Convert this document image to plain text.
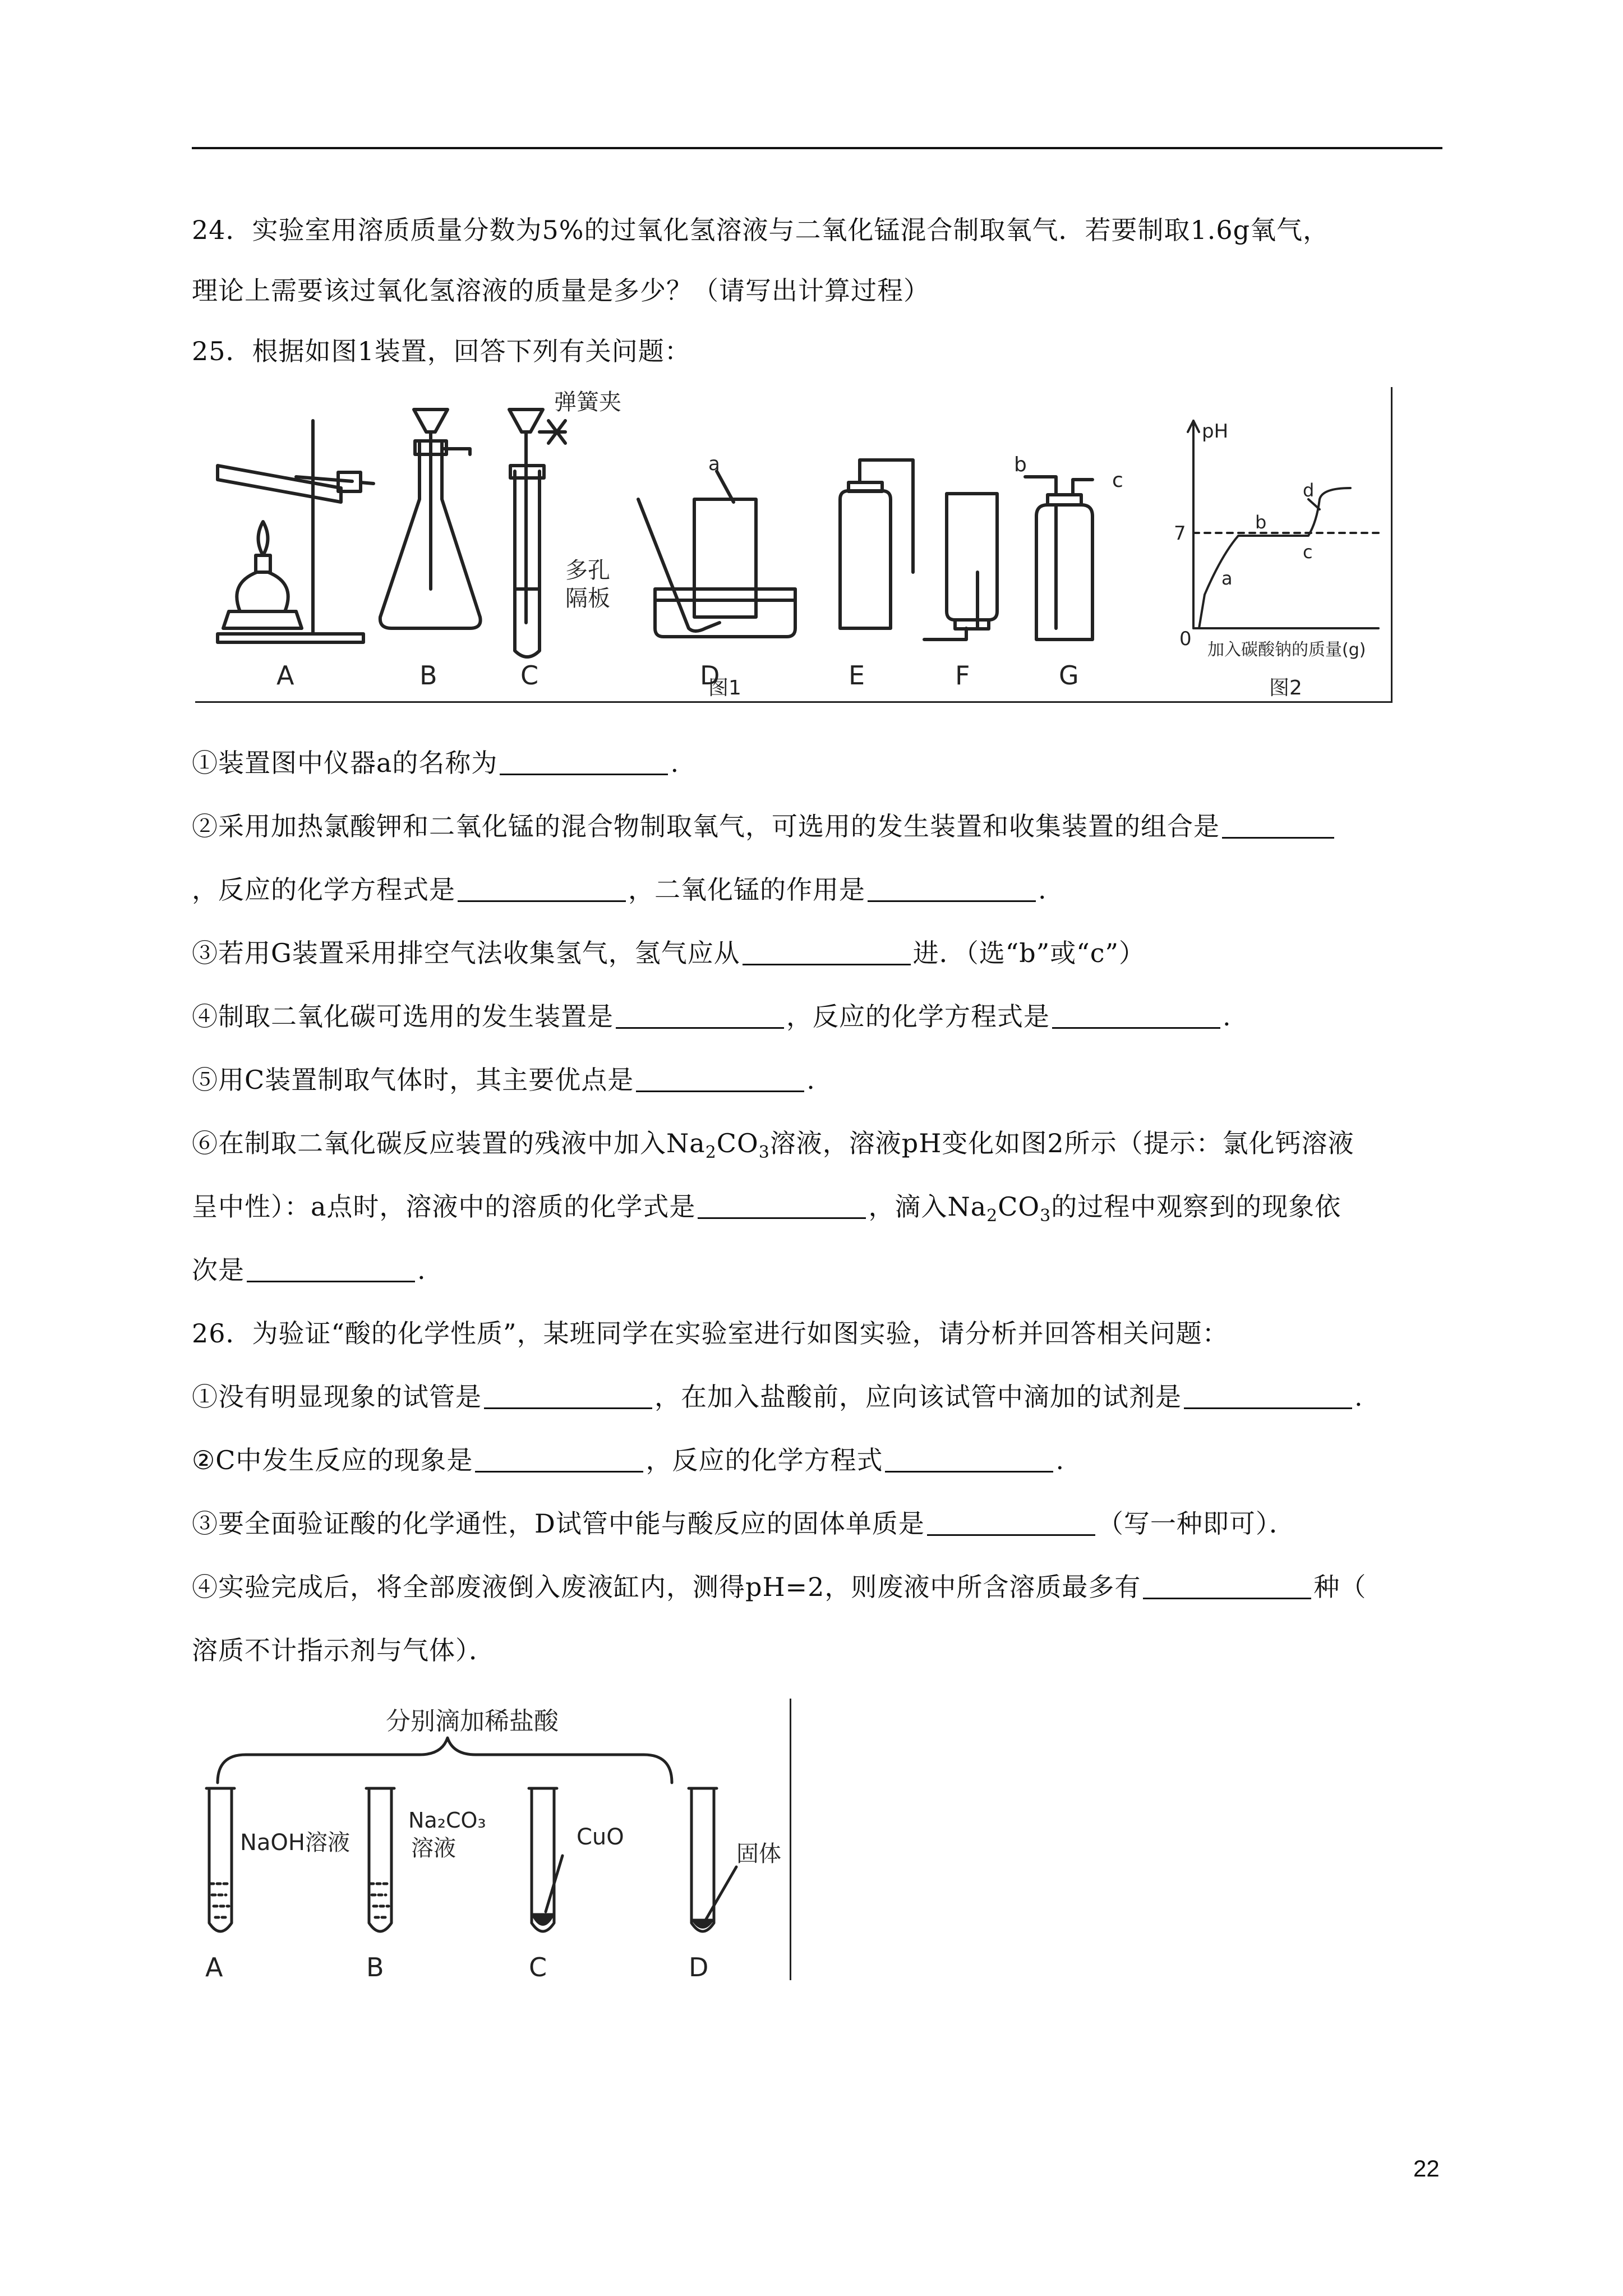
24．实验室用溶质质量分数为5%的过氧化氢溶液与二氧化锰混合制取氧气．若要制取1.6g氧气，
理论上需要该过氧化氢溶液的质量是多少？（请写出计算过程）
25．根据如图1装置，回答下列有关问题：
A	B
弹簧夹
多孔
隔板
C
a
D	E	F
b
c
G
pH
7
0
a
b
c
d
加入碳酸钠的质量(g)
图1	图2
①装置图中仪器a的名称为	.
②采用加热氯酸钾和二氧化锰的混合物制取氧气，可选用的发生装置和收集装置的组合是
，反应的化学方程式是	，二氧化锰的作用是	.
③若用G装置采用排空气法收集氢气，氢气应从	进．（选“b”或“c”）
④制取二氧化碳可选用的发生装置是	，反应的化学方程式是	.
⑤用C装置制取气体时，其主要优点是	.
⑥在制取二氧化碳反应装置的残液中加入$Na_2CO_3$溶液，溶液pH变化如图2所示（提示：氯化钙溶液
呈中性）：a点时，溶液中的溶质的化学式是	，滴入$Na_2CO_3$的过程中观察到的现象依
次是	.
26．为验证“酸的化学性质”，某班同学在实验室进行如图实验，请分析并回答相关问题：
①没有明显现象的试管是	，在加入盐酸前，应向该试管中滴加的试剂是	.
②C中发生反应的现象是	，反应的化学方程式	.
③要全面验证酸的化学通性，D试管中能与酸反应的固体单质是	（写一种即可）．
④实验完成后，将全部废液倒入废液缸内，测得pH=2，则废液中所含溶质最多有	种（
溶质不计指示剂与气体）．
分别滴加稀盐酸
NaOH溶液
Na₂CO₃
溶液	CuO
固体
A	B	C	D
22
